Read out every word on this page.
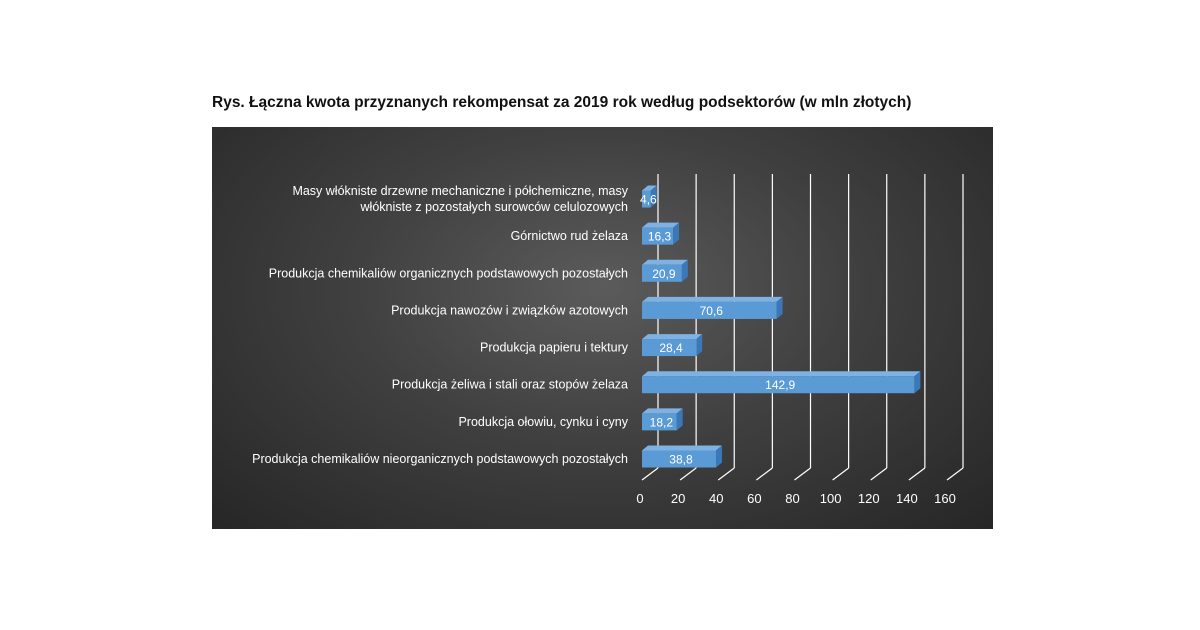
Rys. Łączna kwota przyznanych rekompensat za 2019 rok według podsektorów (w mln złotych)
4,6
16,3
20,9
70,6
28,4
142,9
18,2
38,8
Masy włókniste drzewne mechaniczne i półchemiczne, masy włókniste z pozostałych surowców celulozowych
Górnictwo rud żelaza
Produkcja chemikaliów organicznych podstawowych pozostałych
Produkcja nawozów i związków azotowych
Produkcja papieru i tektury
Produkcja żeliwa i stali oraz stopów żelaza
Produkcja ołowiu, cynku i cyny
Produkcja chemikaliów nieorganicznych podstawowych pozostałych
0 20 40 60 80 100 120 140 160
